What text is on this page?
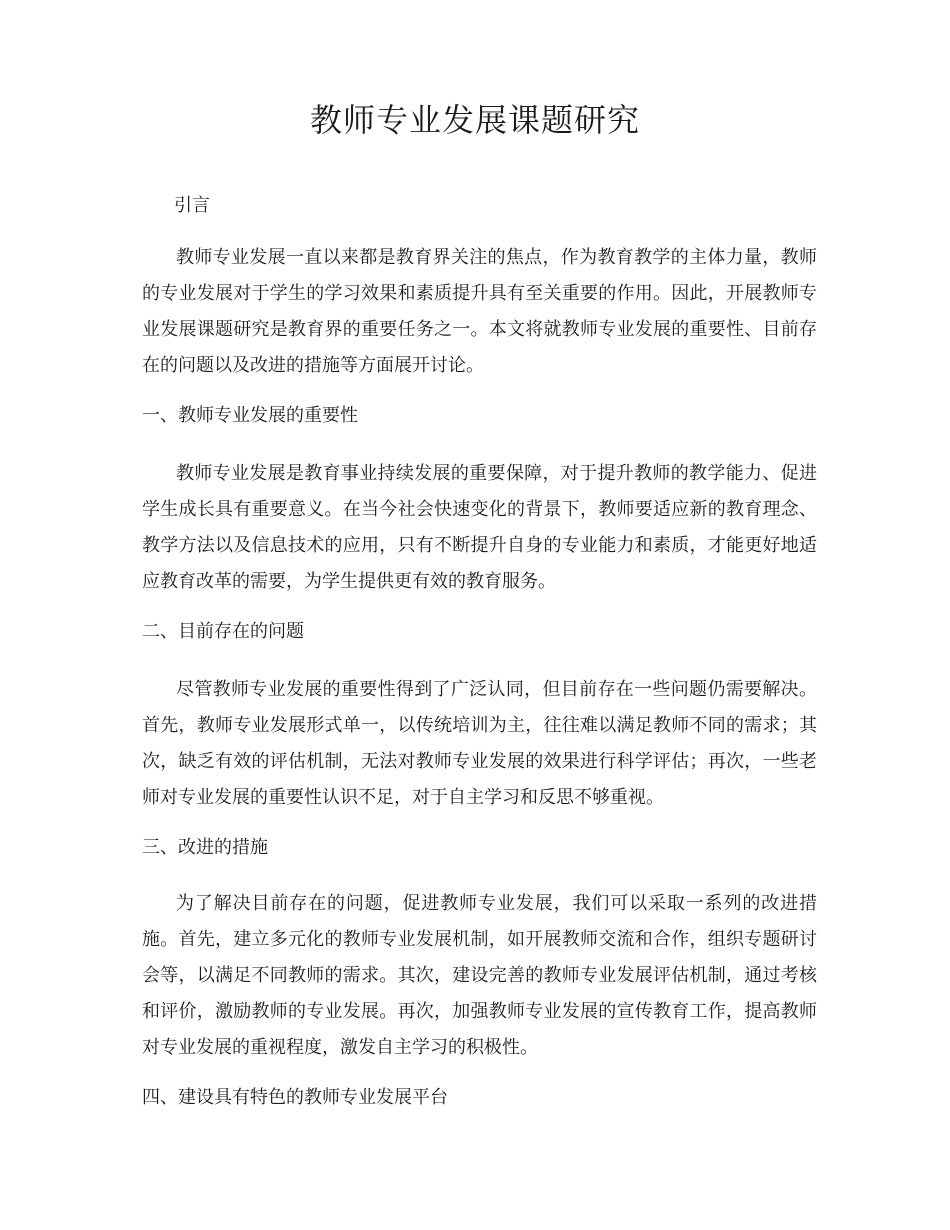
教师专业发展课题研究
引言

教师专业发展一直以来都是教育界关注的焦点，作为教育教学的主体力量，教师的专业发展对于学生的学习效果和素质提升具有至关重要的作用。因此，开展教师专业发展课题研究是教育界的重要任务之一。本文将就教师专业发展的重要性、目前存在的问题以及改进的措施等方面展开讨论。

一、教师专业发展的重要性

教师专业发展是教育事业持续发展的重要保障，对于提升教师的教学能力、促进学生成长具有重要意义。在当今社会快速变化的背景下，教师要适应新的教育理念、教学方法以及信息技术的应用，只有不断提升自身的专业能力和素质，才能更好地适应教育改革的需要，为学生提供更有效的教育服务。

二、目前存在的问题

尽管教师专业发展的重要性得到了广泛认同，但目前存在一些问题仍需要解决。首先，教师专业发展形式单一，以传统培训为主，往往难以满足教师不同的需求；其次，缺乏有效的评估机制，无法对教师专业发展的效果进行科学评估；再次，一些老师对专业发展的重要性认识不足，对于自主学习和反思不够重视。

三、改进的措施

为了解决目前存在的问题，促进教师专业发展，我们可以采取一系列的改进措施。首先，建立多元化的教师专业发展机制，如开展教师交流和合作，组织专题研讨会等，以满足不同教师的需求。其次，建设完善的教师专业发展评估机制，通过考核和评价，激励教师的专业发展。再次，加强教师专业发展的宣传教育工作，提高教师对专业发展的重视程度，激发自主学习的积极性。

四、建设具有特色的教师专业发展平台
